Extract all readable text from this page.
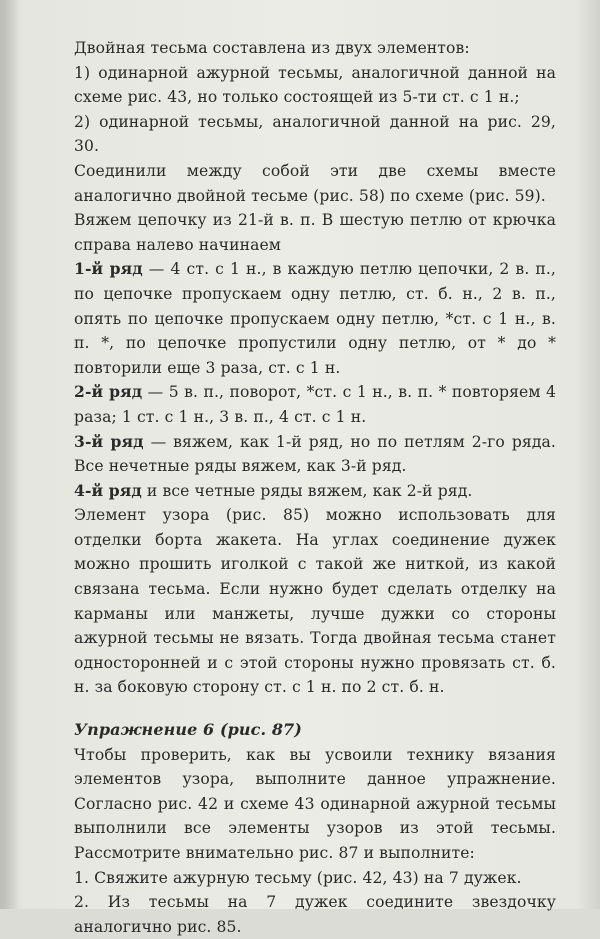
Двойная тесьма составлена из двух элементов:

1) одинарной ажурной тесьмы, аналогичной данной на схеме рис. 43, но только состоящей из 5-ти ст. с 1 н.;

2) одинарной тесьмы, аналогичной данной на рис. 29, 30.

Соединили между собой эти две схемы вместе аналогично двойной тесьме (рис. 58) по схеме (рис. 59).

Вяжем цепочку из 21-й в. п. В шестую петлю от крючка справа налево начинаем

1-й ряд — 4 ст. с 1 н., в каждую петлю цепочки, 2 в. п., по цепочке пропускаем одну петлю, ст. б. н., 2 в. п., опять по цепочке пропускаем одну петлю, *ст. с 1 н., в. п. *, по цепочке пропустили одну петлю, от * до * повторили еще 3 раза, ст. с 1 н.

2-й ряд — 5 в. п., поворот, *ст. с 1 н., в. п. * повторяем 4 раза; 1 ст. с 1 н., 3 в. п., 4 ст. с 1 н.

3-й ряд — вяжем, как 1-й ряд, но по петлям 2-го ряда. Все нечетные ряды вяжем, как 3-й ряд.

4-й ряд и все четные ряды вяжем, как 2-й ряд.

Элемент узора (рис. 85) можно использовать для отделки борта жакета. На углах соединение дужек можно прошить иголкой с такой же ниткой, из какой связана тесьма. Если нужно будет сделать отделку на карманы или манжеты, лучше дужки со стороны ажурной тесьмы не вязать. Тогда двойная тесьма станет односторонней и с этой стороны нужно провязать ст. б. н. за боковую сторону ст. с 1 н. по 2 ст. б. н.

Упражнение 6 (рис. 87)

Чтобы проверить, как вы усвоили технику вязания элементов узора, выполните данное упражнение. Согласно рис. 42 и схеме 43 одинарной ажурной тесьмы выполнили все элементы узоров из этой тесьмы. Рассмотрите внимательно рис. 87 и выполните:

1. Свяжите ажурную тесьму (рис. 42, 43) на 7 дужек.

2. Из тесьмы на 7 дужек соедините звездочку аналогично рис. 85.
